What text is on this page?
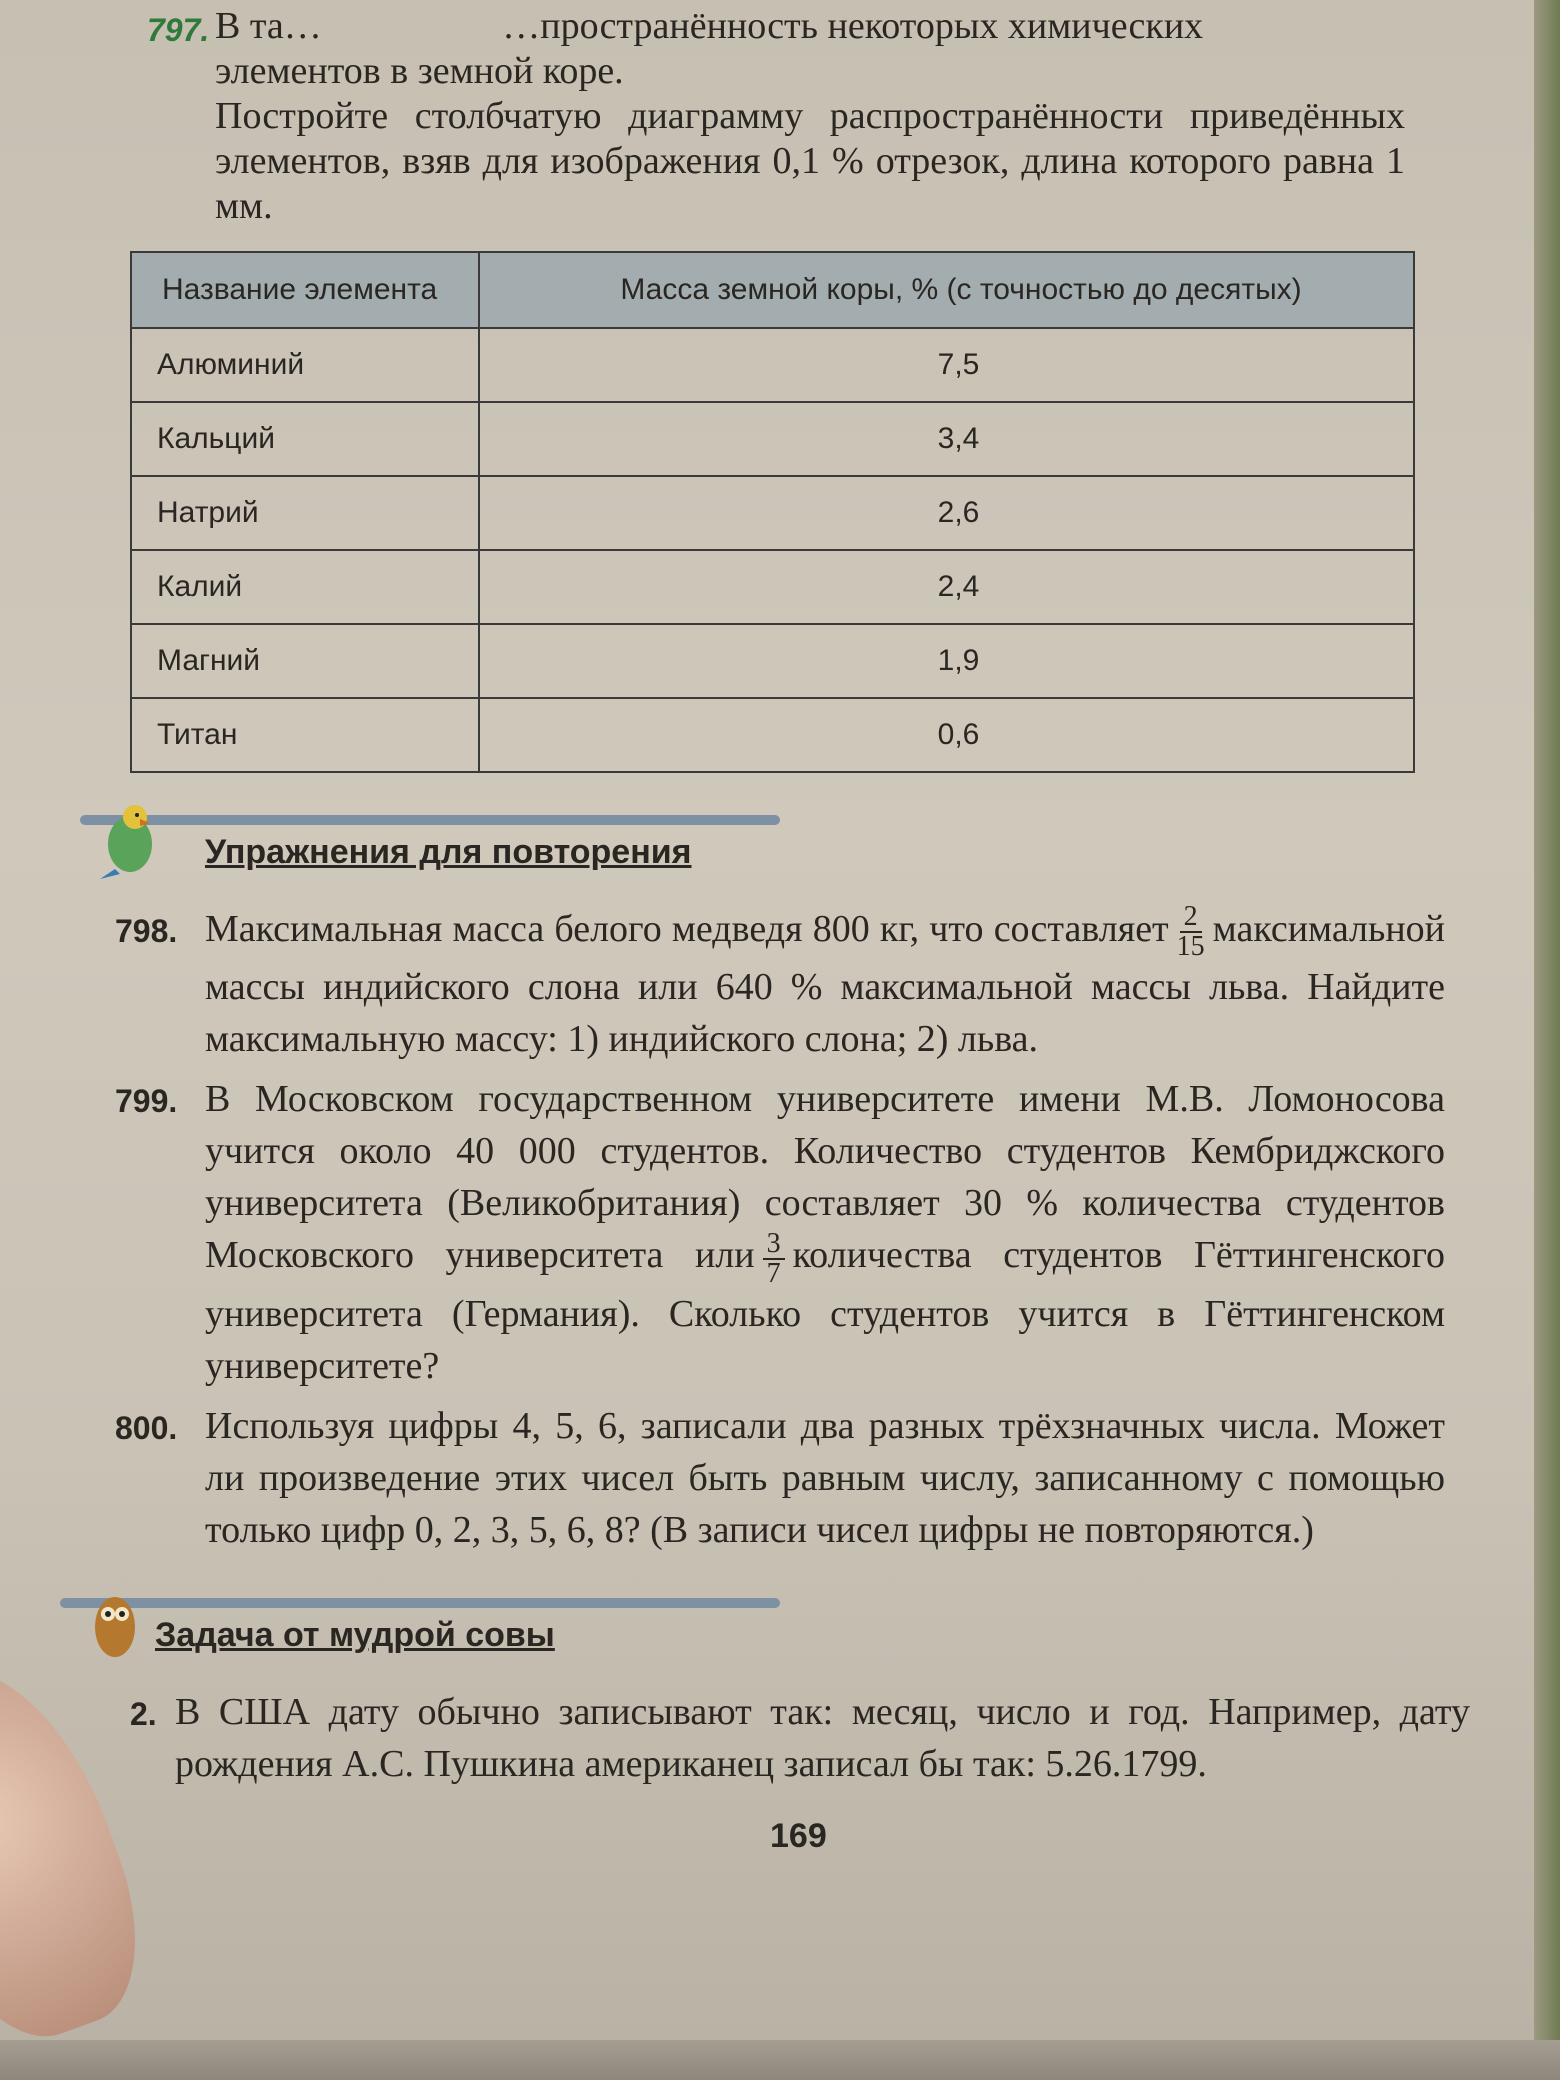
797. В та…                   …пространённость некоторых химических
элементов в земной коре.
Постройте столбчатую диаграмму распространённости приведённых элементов, взяв для изображения 0,1 % отрезок, длина которого равна 1 мм.
Название элемента	Масса земной коры, % (с точностью до десятых)
Алюминий	7,5
Кальций	3,4
Натрий	2,6
Калий	2,4
Магний	1,9
Титан	0,6
Упражнения для повторения
798. Максимальная масса белого медведя 800 кг, что составляет $\frac{2}{15}$ максимальной массы индийского слона или 640 % максимальной массы льва. Найдите максимальную массу: 1) индийского слона; 2) льва.
799. В Московском государственном университете имени М.В. Ломоносова учится около 40 000 студентов. Количество студентов Кембриджского университета (Великобритания) составляет 30 % количества студентов Московского университета или $\frac{3}{7}$ количества студентов Гёттингенского университета (Германия). Сколько студентов учится в Гёттингенском университете?
800. Используя цифры 4, 5, 6, записали два разных трёхзначных числа. Может ли произведение этих чисел быть равным числу, записанному с помощью только цифр 0, 2, 3, 5, 6, 8? (В записи чисел цифры не повторяются.)
Задача от мудрой совы
2. В США дату обычно записывают так: месяц, число и год. Например, дату рождения А.С. Пушкина американец записал бы так: 5.26.1799.
169
